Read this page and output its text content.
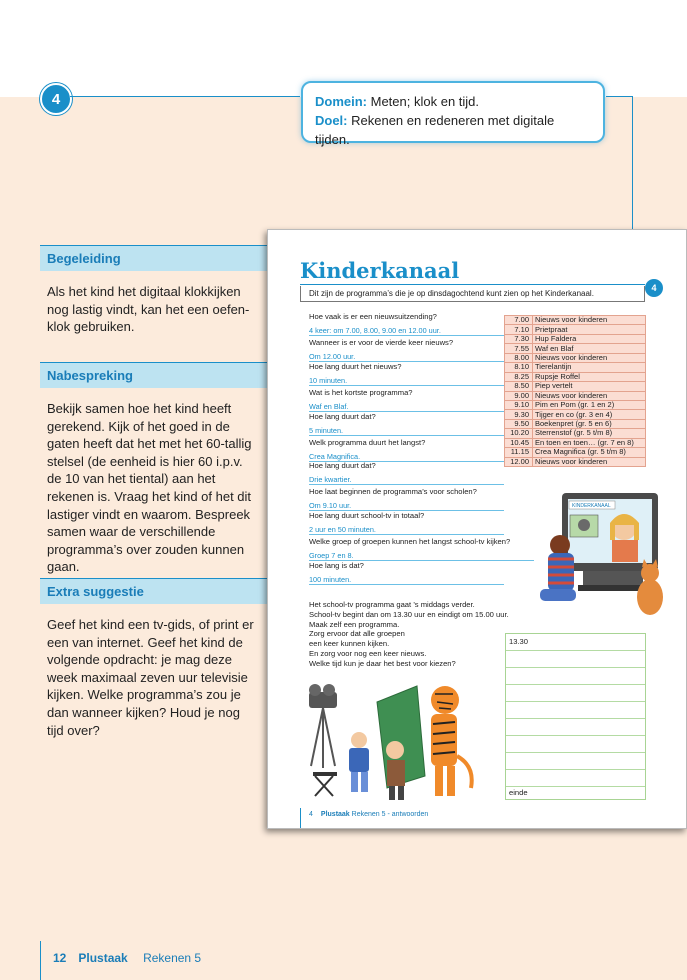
4	Domein: Meten; klok en tijd.
Doel: Rekenen en redeneren met digitale tijden.
Begeleiding
Als het kind het digitaal klokkijken nog lastig vindt, kan het een oefen-klok gebruiken.
Nabespreking
Bekijk samen hoe het kind heeft gerekend. Kijk of het goed in de gaten heeft dat het met het 60-tallig stelsel (de eenheid is hier 60 i.p.v. de 10 van het tiental) aan het rekenen is. Vraag het kind of het dit lastiger vindt en waarom. Bespreek samen waar de verschillende programma’s over zouden kunnen gaan.
Extra suggestie
Geef het kind een tv-gids, of print er een van internet. Geef het kind de volgende opdracht: je mag deze week maximaal zeven uur televisie kijken. Welke programma’s zou je dan wanneer kijken? Houd je nog tijd over?
12 Plustaak Rekenen 5
Kinderkanaal
4
Dit zijn de programma’s die je op dinsdagochtend kunt zien op het Kinderkanaal.
Hoe vaak is er een nieuwsuitzending?
4 keer: om 7.00, 8.00, 9.00 en 12.00 uur.
Wanneer is er voor de vierde keer nieuws?
Om 12.00 uur.
Hoe lang duurt het nieuws?
10 minuten.
Wat is het kortste programma?
Waf en Blaf.
Hoe lang duurt dat?
5 minuten.
Welk programma duurt het langst?
Crea Magnifica.
Hoe lang duurt dat?
Drie kwartier.
Hoe laat beginnen de programma’s voor scholen?
Om 9.10 uur.
Hoe lang duurt school-tv in totaal?
2 uur en 50 minuten.
Welke groep of groepen kunnen het langst school-tv kijken?
Groep 7 en 8.
Hoe lang is dat?
100 minuten.
7.00	Nieuws voor kinderen
7.10	Prietpraat
7.30	Hup Faldera
7.55	Waf en Blaf
8.00	Nieuws voor kinderen
8.10	Tierelantijn
8.25	Rupsje Roffel
8.50	Piep vertelt
9.00	Nieuws voor kinderen
9.10	Pim en Pom (gr. 1 en 2)
9.30	Tijger en co (gr. 3 en 4)
9.50	Boekenpret (gr. 5 en 6)
10.20	Sterrenstof (gr. 5 t/m 8)
10.45	En toen en toen… (gr. 7 en 8)
11.15	Crea Magnifica (gr. 5 t/m 8)
12.00	Nieuws voor kinderen
KINDERKANAAL
Het school-tv programma gaat ’s middags verder.
School-tv begint dan om 13.30 uur en eindigt om 15.00 uur.
Maak zelf een programma.
Zorg ervoor dat alle groepen
een keer kunnen kijken.
En zorg voor nog een keer nieuws.
Welke tijd kun je daar het best voor kiezen?
13.30
einde
4 Plustaak Rekenen 5 - antwoorden
